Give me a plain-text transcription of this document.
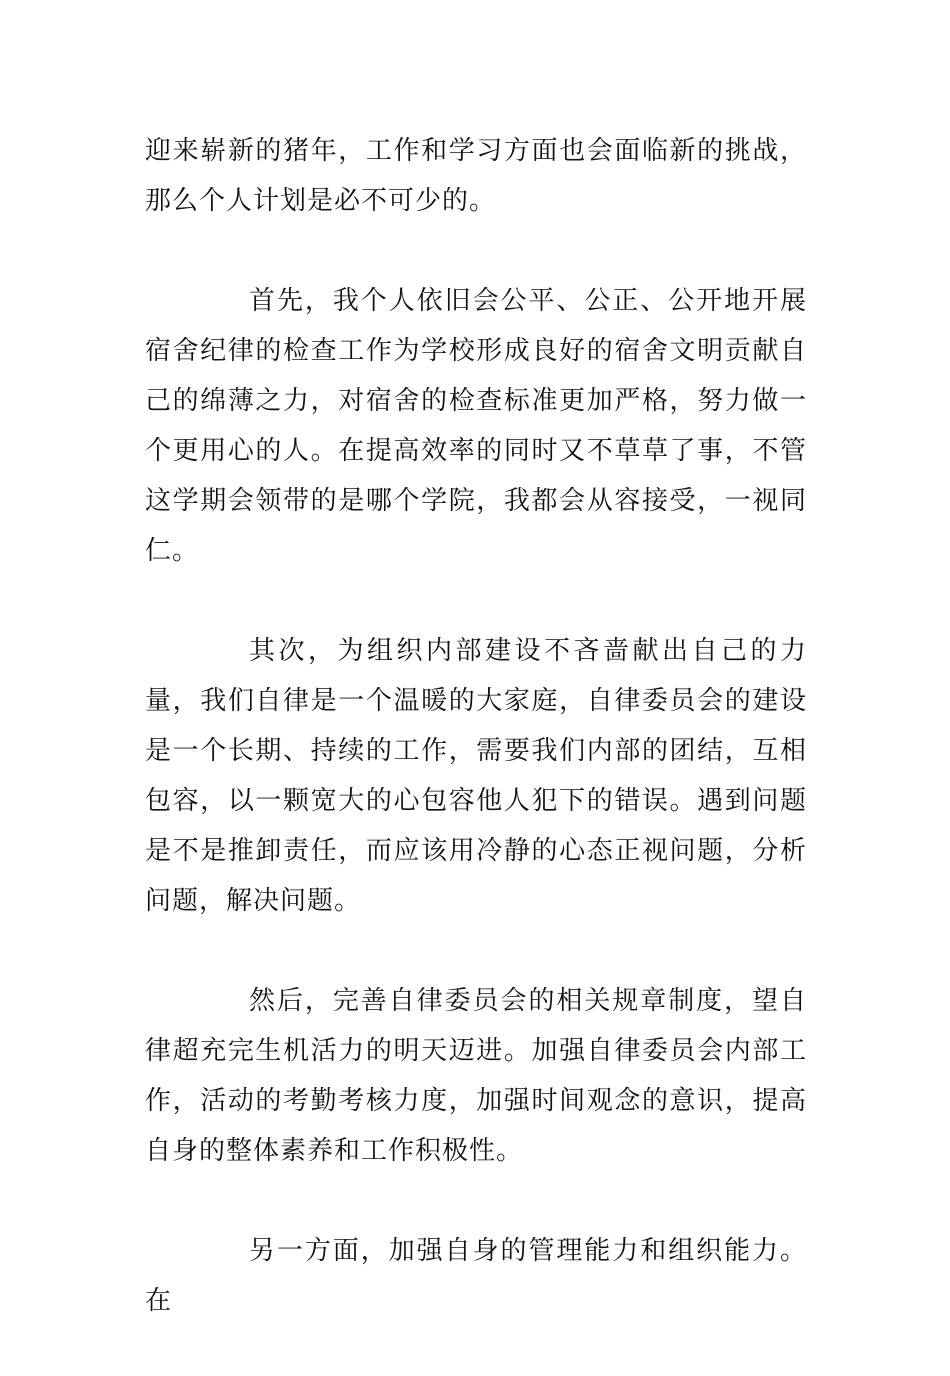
迎来崭新的猪年，工作和学习方面也会面临新的挑战，那么个人计划是必不可少的。

首先，我个人依旧会公平、公正、公开地开展宿舍纪律的检查工作为学校形成良好的宿舍文明贡献自己的绵薄之力，对宿舍的检查标准更加严格，努力做一个更用心的人。在提高效率的同时又不草草了事，不管这学期会领带的是哪个学院，我都会从容接受，一视同仁。

其次，为组织内部建设不吝啬献出自己的力量，我们自律是一个温暖的大家庭，自律委员会的建设是一个长期、持续的工作，需要我们内部的团结，互相包容，以一颗宽大的心包容他人犯下的错误。遇到问题是不是推卸责任，而应该用冷静的心态正视问题，分析问题，解决问题。

然后，完善自律委员会的相关规章制度，望自律超充完生机活力的明天迈进。加强自律委员会内部工作，活动的考勤考核力度，加强时间观念的意识，提高自身的整体素养和工作积极性。

另一方面，加强自身的管理能力和组织能力。在
